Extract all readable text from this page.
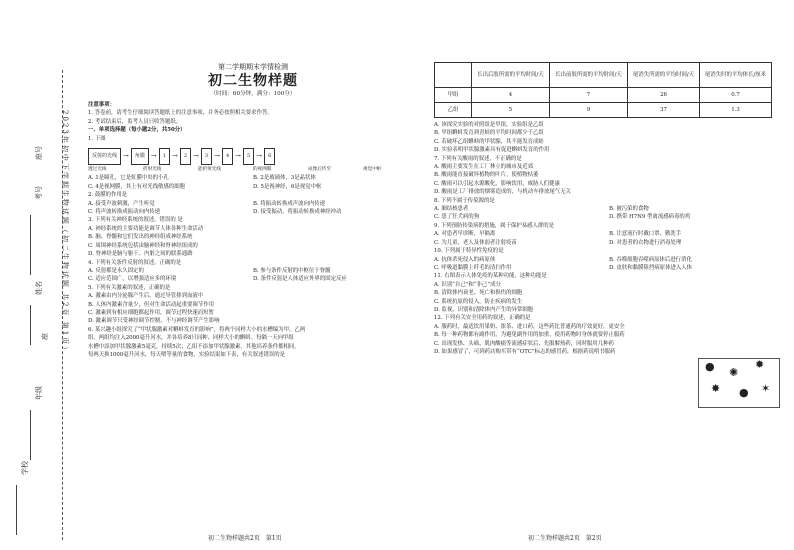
2023年初中下学期生物试题（初二生物试题 共2页 第1页）
考号
姓名
座
年级
学校
座号
第二学期期末学情检测
初二生物样题
（时间：60分钟，满分：100分）
注意事项：
1. 答卷前，请考生仔细阅读答题纸上的注意事项，并务必按照相关要求作答。
2. 考试结束后，监考人员只收答题纸。
一、单项选择题（每小题2分，共50分）
1. 下图
反射的光线 →	角膜 →	1 →	2 →	3 →	4 →	5 →	6
透过光线	折射光线	能折射光线	的视网膜	成像后传至	视觉中枢
A. 1是瞳孔，它是虹膜中央的小孔	B. 2是玻璃体，3是晶状体
C. 4是视网膜，其上有对光线敏感的细胞	D. 5是视神经，6是视觉中枢
2. 鼓膜的作用是
A. 接受声波刺激，产生听觉	B. 将振动转换成声波向内传递
C. 将声波转换成振动向内传递	D. 接受振动，将振动转换成神经冲动
3. 下列有关神经系统的叙述，错误的 是
A. 神经系统的主要功能是调节人体各种生命活动
B. 脑、脊髓和它们发出的神经组成神经系统
C. 周围神经系统包括由脑神经和脊神经组成的
D. 脊神经是脑与躯干、内脏之间的联系通路
4. 下列有关条件反射的叙述，正确的是
A. 反射都是永久固定的	B. 参与条件反射的中枢位于脊髓
C. 适应范围广，以增强适应多的环境	D. 条件反射是人体适应外界的固定反应
5. 下列有关激素的叙述，正确的是
A. 激素由内分泌腺产生后，通过导管排到血液中
B. 人体内激素含量少，但对生命活动起重要调节作用
C. 激素到有相应细胞都起作用，调节过程快速而短暂
D. 激素调节只受神经调节控制，不与神经调节产生影响
6. 某兴趣小组探究了“甲状腺激素对蝌蚪发育的影响”，将两个同样大小的水槽编为甲、乙两
组，两组均注入2000毫升河水，并各培养8只同种、同样大小的蝌蚪。每隔一天向甲组
水槽中添加甲状腺激素5毫克，持续5次；乙组不添加甲状腺激素，其他培养条件都相同。
每两天换1000毫升河水，每天喂等量的食物，实验结果如下表，有关叙述错误的是
初二生物样题共2页　第1页
	长出后肢所需的平均时间/天	长出前肢所需的平均时间/天	尾消失所需的平均时间/天	尾消失时的平均体长/厘米
甲组	4	7	26	0.7
乙组	5	9	37	1.3
A. 该探究实验的对照组是甲组，实验组是乙组
B. 甲组蝌蚪发育到青蛙的平均时间都少于乙组
C. 若破坏乙组蝌蚪的甲状腺，其不能发育成蛙
D. 实验表明甲状腺激素具有促进蝌蚪发育的作用
7. 下列有关酸雨的叙述，不正确的是
A. 酸雨主要发生在工厂林立的城市及近郊
B. 酸雨能直接破坏植物的叶片，使植物枯萎
C. 酸雨可以引起水源酸化，影响饮用，威胁人们健康
D. 酸雨是工厂排放的烟雾造成的，与机动车排放尾气无关
8. 下列不属于传染源的是
A. 肺结核患者	B. 被污染的食物
C. 患了狂犬病的狗	D. 携带 H7N9 型禽流感病毒的鸡
9. 下列预防传染病的措施，属于保护易感人群的是
A. 对患者早诊断，早隔离	B. 注意流行时戴口罩，勤洗手
C. 为儿童、老人及体弱者注射疫苗	D. 对患者的衣物进行消毒处理
10. 下列属于特异性免疫的是
A. 抗体杀死侵入的病原体	B. 吞噬细胞吞噬病原体后进行消化
C. 呼吸道黏膜上纤毛的清扫作用	D. 皮肤和黏膜阻挡病原体进入人体
11. 右图表示人体免疫的某种功能，这种功能是
A. 识别“自己”和“非己”成分
B. 清除体内衰老、死亡和损伤的细胞
C. 系统抗原的侵入，防止疾病的发生
D. 监视、识别和清除体内产生的异常细胞
12. 下列有关安全用药的叙述，正确的是
A. 服药时，最适饮用果奶、浓茶、进口药，这些药比普通药的疗效更好，更安全
B. 每一种药物都有副作用，为避免副作用的加重，使用药物时身体就要停止服药
C. 出现发热、头痛、肌肉酸痛等流感症状后，先服解热药，同时服用几种药
D. 如果感冒了，可到药店购买带有“OTC”标志的感冒药，根据药说明书服药
● ✺
✹
✸ ● ✶
初二生物样题共2页　第2页
